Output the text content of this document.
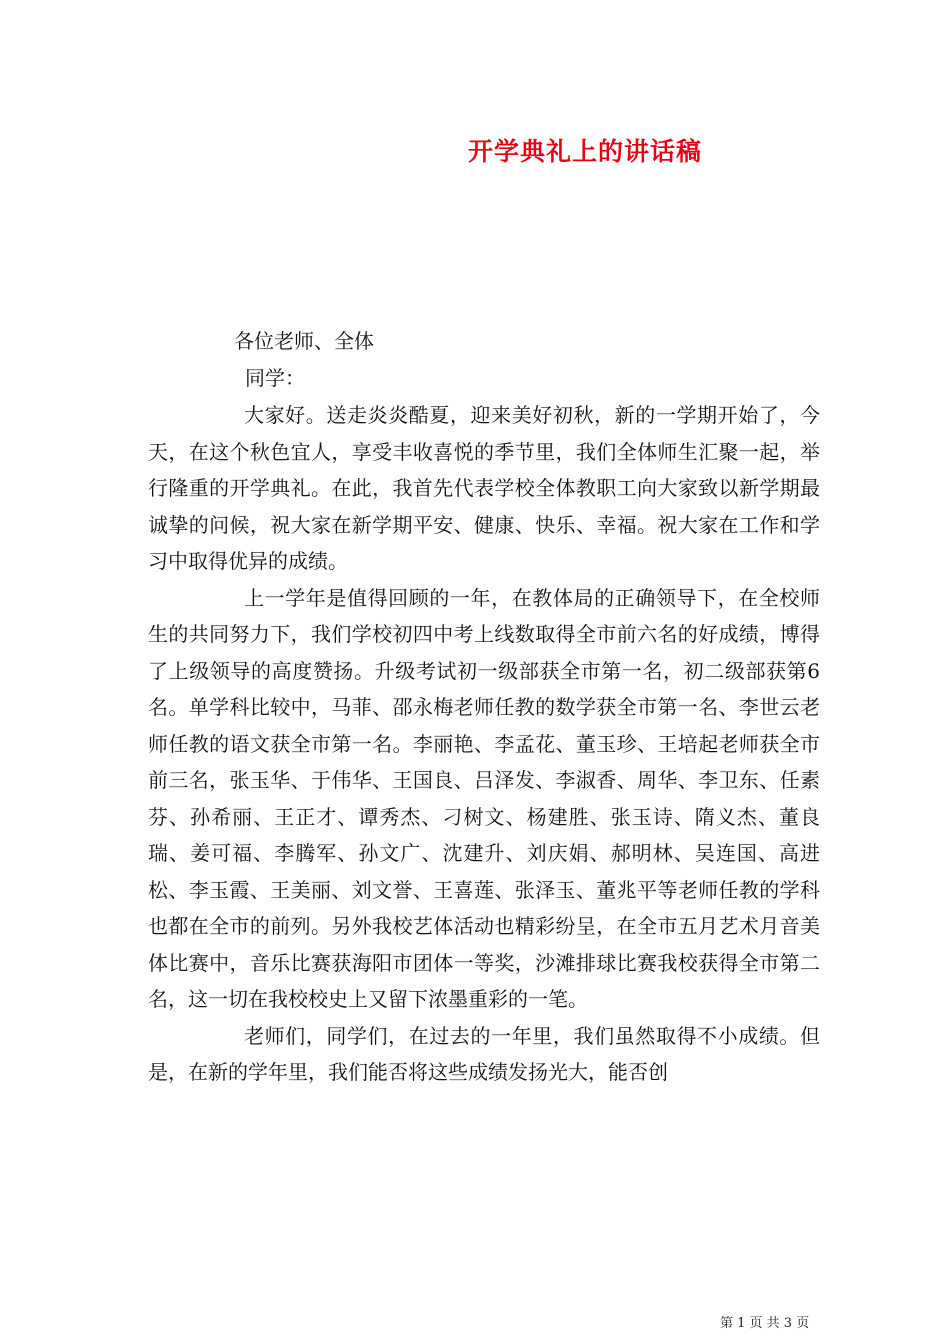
开学典礼上的讲话稿
各位老师、全体
同学：

大家好。送走炎炎酷夏，迎来美好初秋，新的一学期开始了，今天，在这个秋色宜人，享受丰收喜悦的季节里，我们全体师生汇聚一起，举行隆重的开学典礼。在此，我首先代表学校全体教职工向大家致以新学期最诚挚的问候，祝大家在新学期平安、健康、快乐、幸福。祝大家在工作和学习中取得优异的成绩。

上一学年是值得回顾的一年，在教体局的正确领导下，在全校师生的共同努力下，我们学校初四中考上线数取得全市前六名的好成绩，博得了上级领导的高度赞扬。升级考试初一级部获全市第一名，初二级部获第6名。单学科比较中，马菲、邵永梅老师任教的数学获全市第一名、李世云老师任教的语文获全市第一名。李丽艳、李孟花、董玉珍、王培起老师获全市前三名，张玉华、于伟华、王国良、吕泽发、李淑香、周华、李卫东、任素芬、孙希丽、王正才、谭秀杰、刁树文、杨建胜、张玉诗、隋义杰、董良瑞、姜可福、李腾军、孙文广、沈建升、刘庆娟、郝明林、吴连国、高进松、李玉霞、王美丽、刘文誉、王喜莲、张泽玉、董兆平等老师任教的学科也都在全市的前列。另外我校艺体活动也精彩纷呈，在全市五月艺术月音美体比赛中，音乐比赛获海阳市团体一等奖，沙滩排球比赛我校获得全市第二名，这一切在我校校史上又留下浓墨重彩的一笔。

老师们，同学们，在过去的一年里，我们虽然取得不小成绩。但是，在新的学年里，我们能否将这些成绩发扬光大，能否创

第 1 页 共 3 页
